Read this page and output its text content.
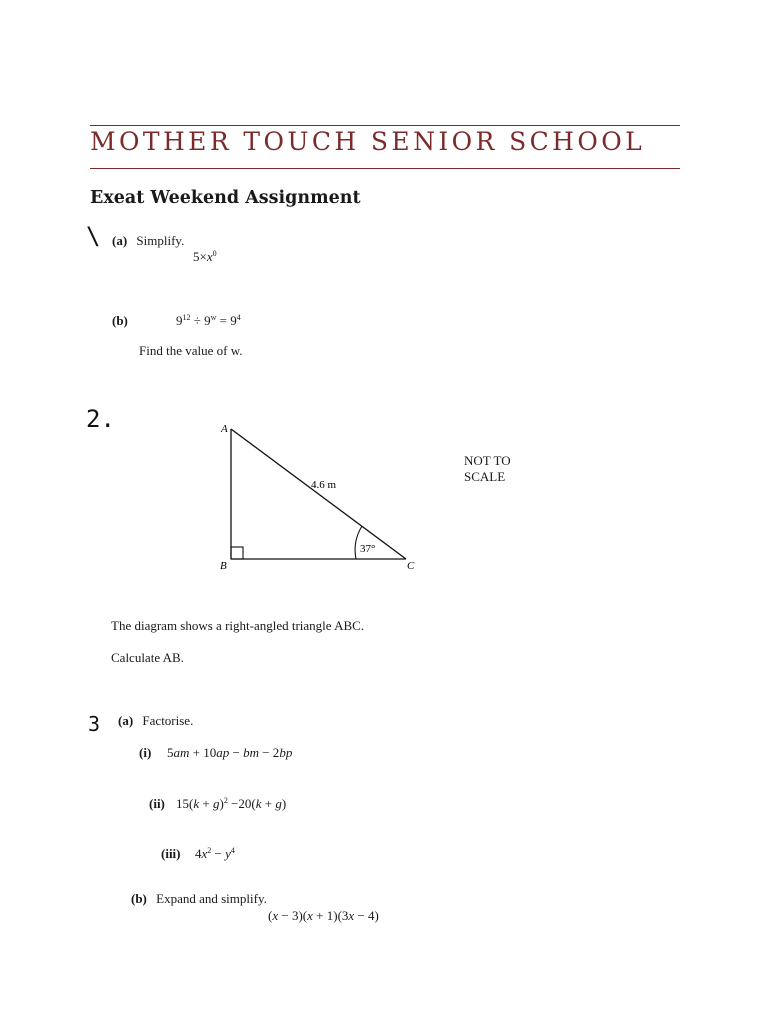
MOTHER TOUCH SENIOR SCHOOL
Exeat Weekend Assignment
\ (a) Simplify.
$5\times x^0$
(b)	$9^{12} \div 9^w = 9^4$
Find the value of w.
2.	A
B	C
4.6 m
37°
NOT TO
SCALE
The diagram shows a right-angled triangle ABC.
Calculate AB.
3 (a) Factorise.
(i) 5am + 10ap − bm − 2bp
(ii) $15(k + g)^2 -20(k + g)$
(iii) $4x^2 - y^4$
(b) Expand and simplify.
(x − 3)(x + 1)(3x − 4)
